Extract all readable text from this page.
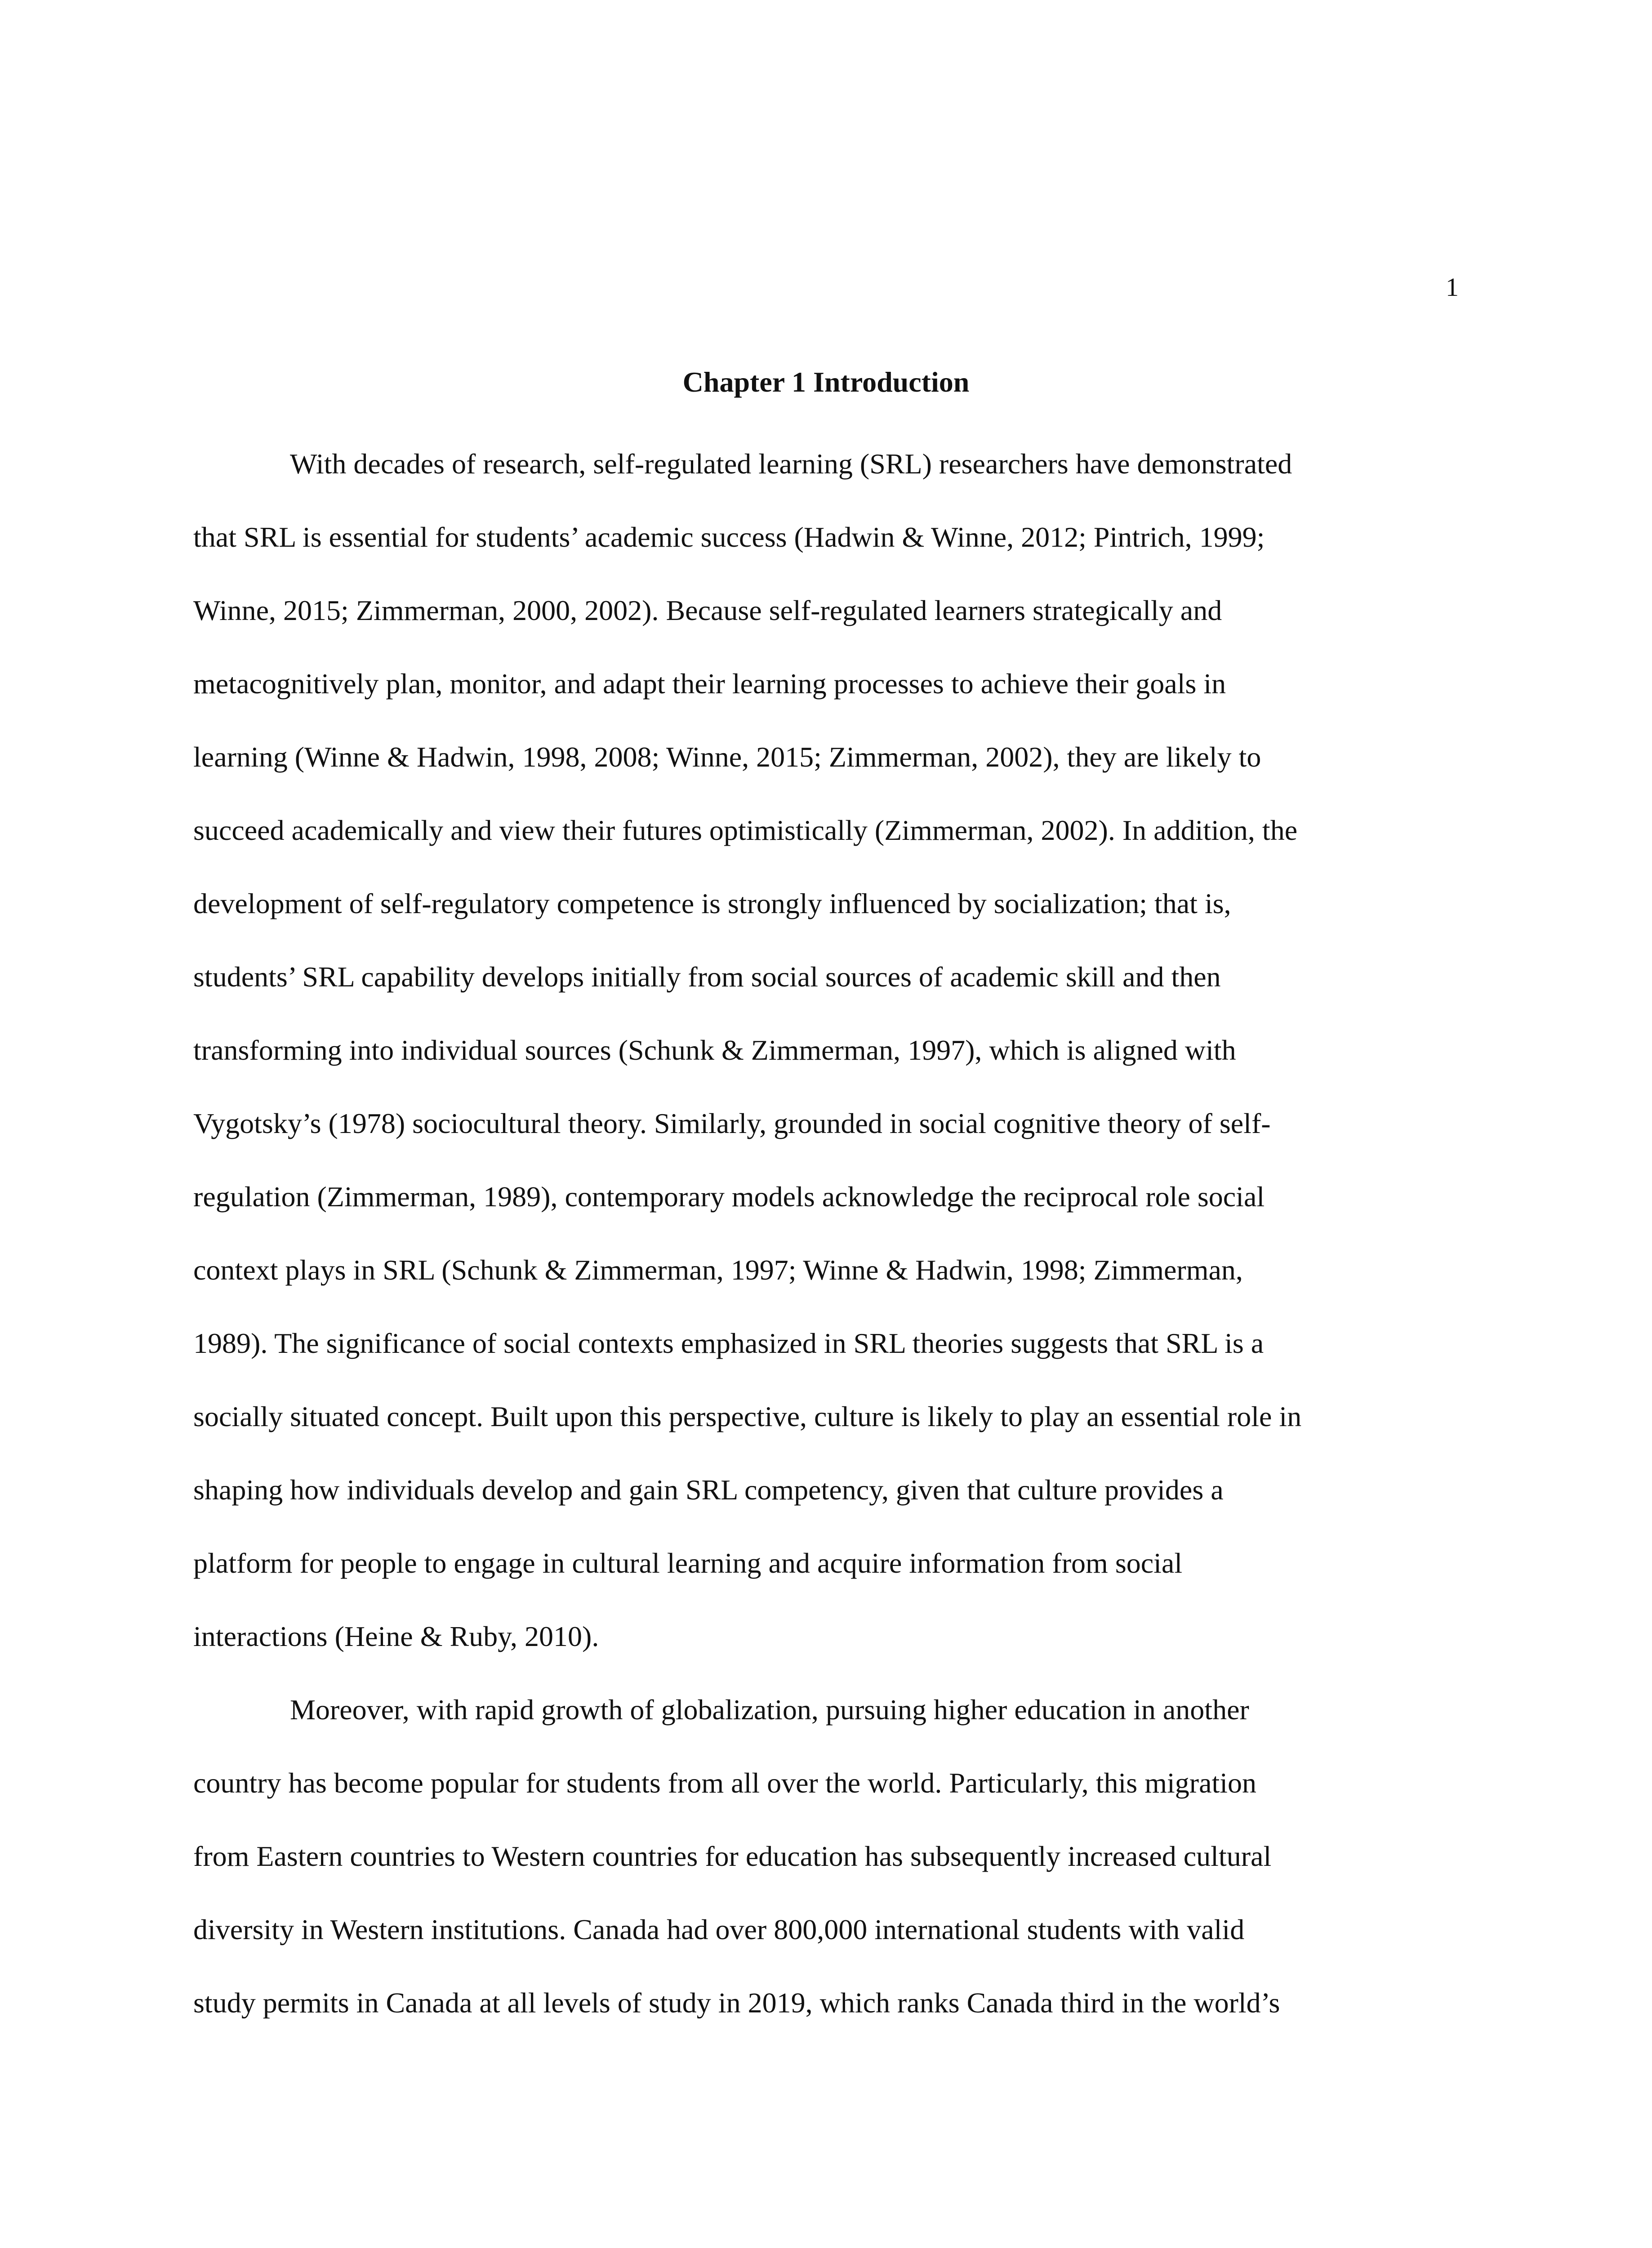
1
Chapter 1 Introduction
With decades of research, self-regulated learning (SRL) researchers have demonstrated
that SRL is essential for students’ academic success (Hadwin & Winne, 2012; Pintrich, 1999;
Winne, 2015; Zimmerman, 2000, 2002). Because self-regulated learners strategically and
metacognitively plan, monitor, and adapt their learning processes to achieve their goals in
learning (Winne & Hadwin, 1998, 2008; Winne, 2015; Zimmerman, 2002), they are likely to
succeed academically and view their futures optimistically (Zimmerman, 2002). In addition, the
development of self-regulatory competence is strongly influenced by socialization; that is,
students’ SRL capability develops initially from social sources of academic skill and then
transforming into individual sources (Schunk & Zimmerman, 1997), which is aligned with
Vygotsky’s (1978) sociocultural theory. Similarly, grounded in social cognitive theory of self-
regulation (Zimmerman, 1989), contemporary models acknowledge the reciprocal role social
context plays in SRL (Schunk & Zimmerman, 1997; Winne & Hadwin, 1998; Zimmerman,
1989). The significance of social contexts emphasized in SRL theories suggests that SRL is a
socially situated concept. Built upon this perspective, culture is likely to play an essential role in
shaping how individuals develop and gain SRL competency, given that culture provides a
platform for people to engage in cultural learning and acquire information from social
interactions (Heine & Ruby, 2010).
Moreover, with rapid growth of globalization, pursuing higher education in another
country has become popular for students from all over the world. Particularly, this migration
from Eastern countries to Western countries for education has subsequently increased cultural
diversity in Western institutions. Canada had over 800,000 international students with valid
study permits in Canada at all levels of study in 2019, which ranks Canada third in the world’s
